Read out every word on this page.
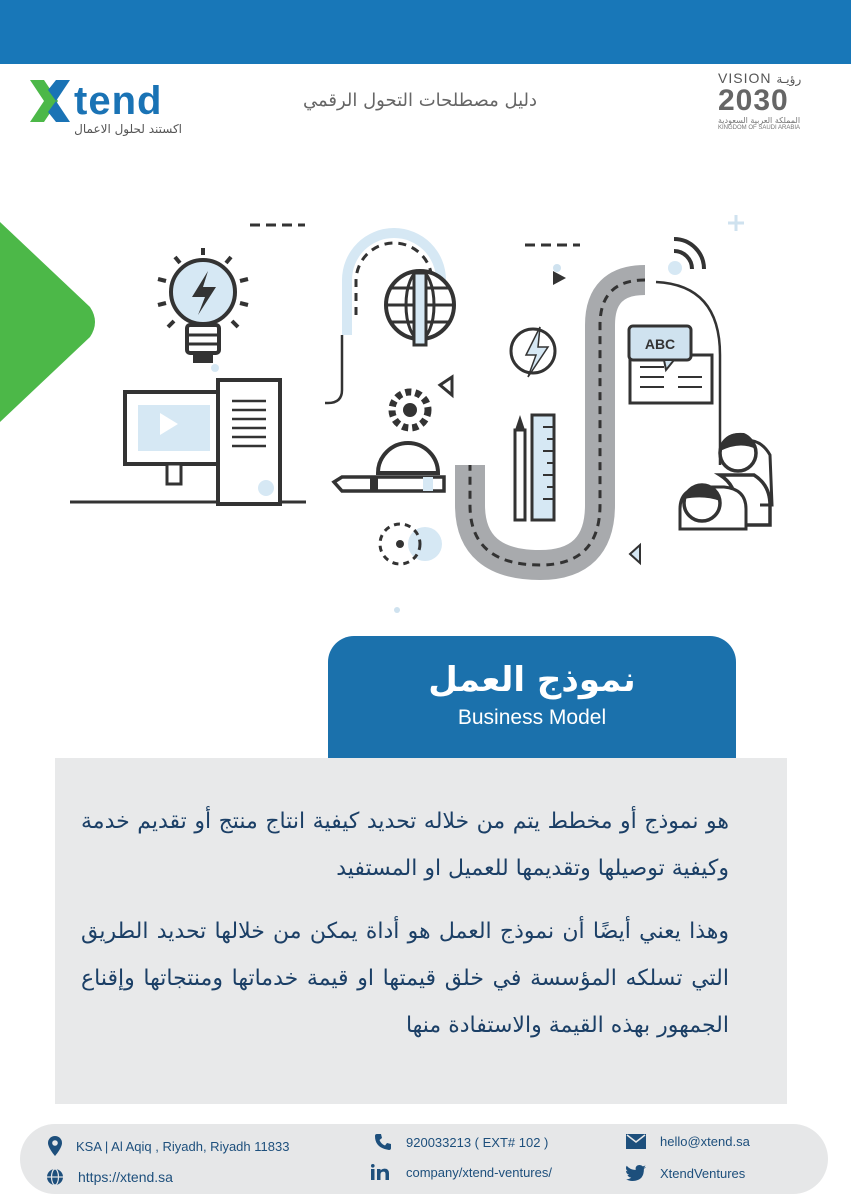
tend
اكستند لحلول الاعمال
دليل مصطلحات التحول الرقمي
VISION رؤيـة
2030
المملكة العربية السعودية
KINGDOM OF SAUDI ARABIA
ABC
نموذج العمل
Business Model
هو نموذج أو مخطط يتم من خلاله تحديد كيفية انتاج منتج أو تقديم خدمة وكيفية توصيلها وتقديمها للعميل او المستفيد
وهذا يعني أيضًا أن نموذج العمل هو أداة يمكن من خلالها تحديد الطريق التي تسلكه المؤسسة في خلق قيمتها او قيمة خدماتها ومنتجاتها وإقناع الجمهور بهذه القيمة والاستفادة منها
KSA | Al Aqiq , Riyadh, Riyadh 11833
https://xtend.sa
920033213 ( EXT# 102 )
company/xtend-ventures/
hello@xtend.sa
XtendVentures
